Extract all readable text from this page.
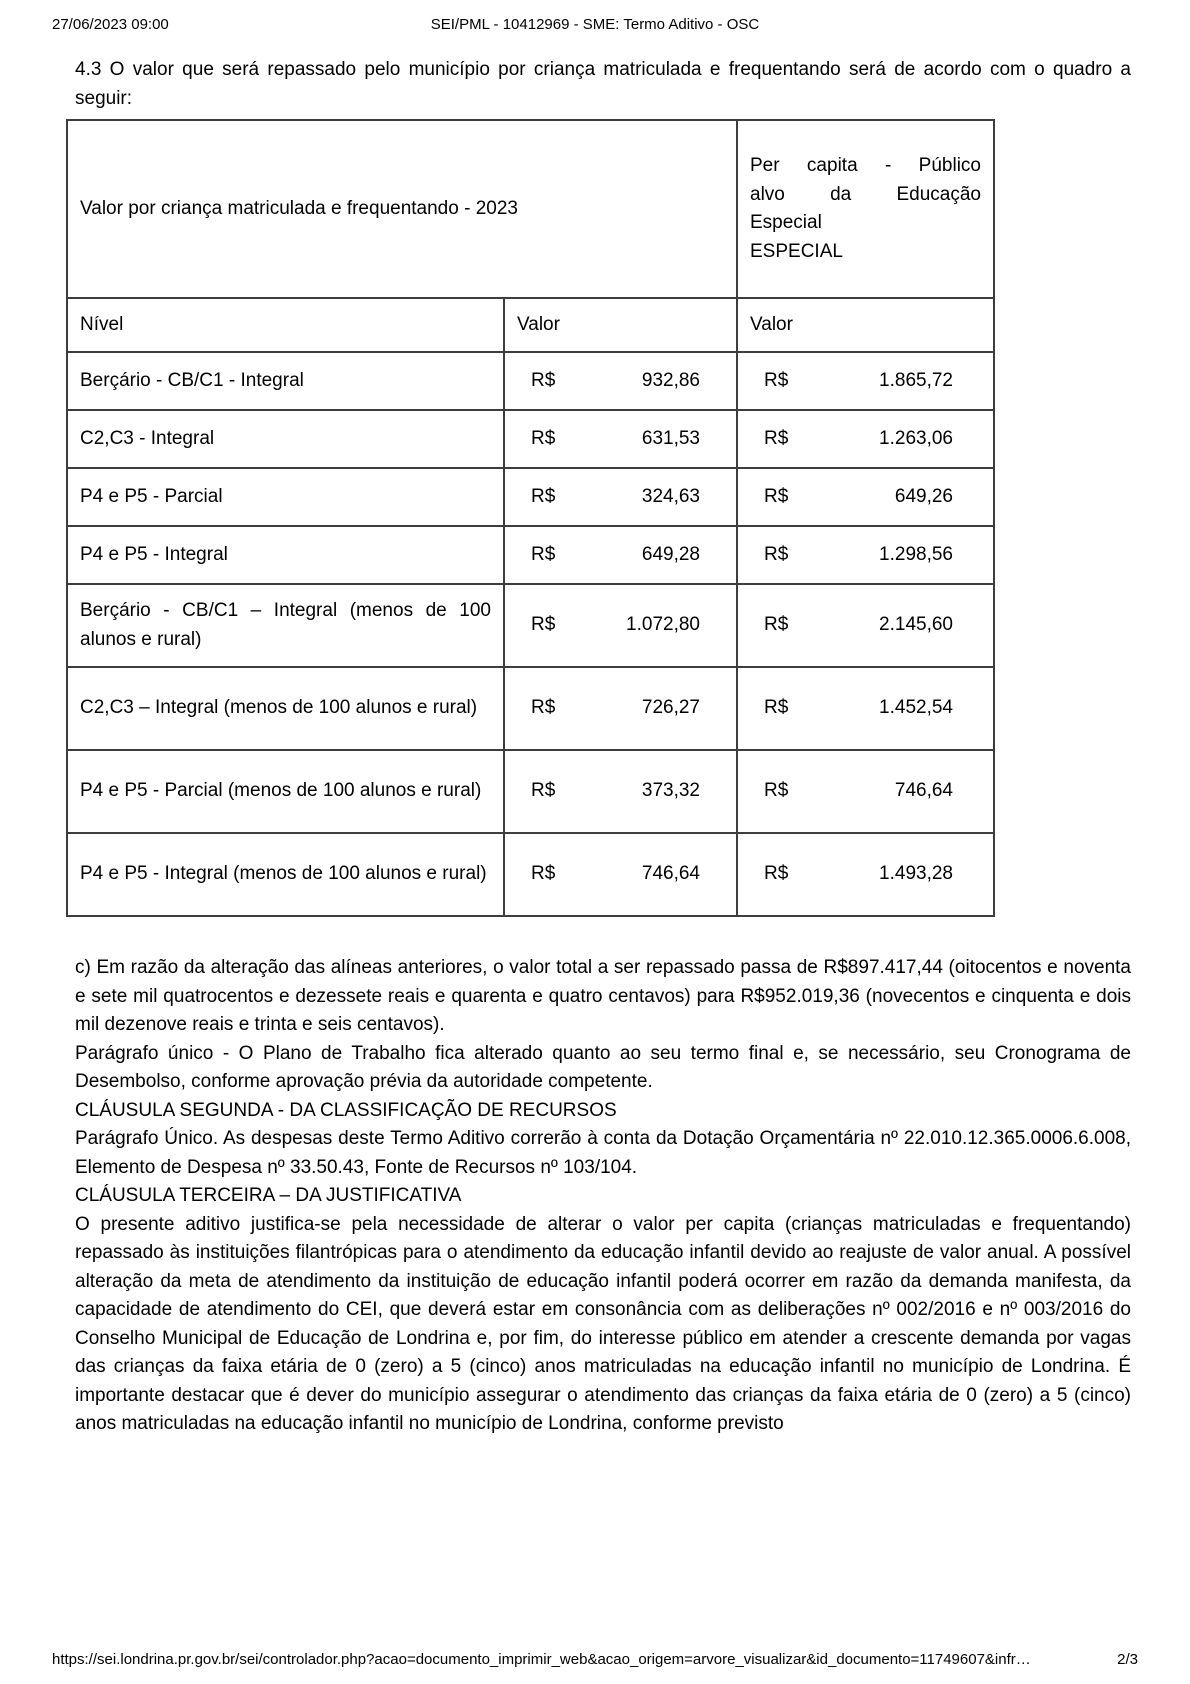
27/06/2023 09:00	SEI/PML - 10412969 - SME: Termo Aditivo - OSC

4.3 O valor que será repassado pelo município por criança matriculada e frequentando será de acordo com o quadro a seguir:

Valor por criança matriculada e frequentando - 2023		Per capita - Público
alvo da Educação
Especial
ESPECIAL

Nível	Valor	Valor
Berçário - CB/C1 - Integral	R$ 932,86	R$ 1.865,72

C2,C3 - Integral	R$ 631,53	R$ 1.263,06

P4 e P5 - Parcial	R$ 324,63	R$ 649,26

P4 e P5 - Integral	R$ 649,28	R$ 1.298,56

Berçário - CB/C1 – Integral (menos de 100 alunos e rural)	R$ 1.072,80	R$ 2.145,60

C2,C3 – Integral (menos de 100 alunos e rural)	R$ 726,27	R$ 1.452,54

P4 e P5 - Parcial (menos de 100 alunos e rural)	R$ 373,32	R$ 746,64

P4 e P5 - Integral (menos de 100 alunos e rural)	R$ 746,64	R$ 1.493,28

c) Em razão da alteração das alíneas anteriores, o valor total a ser repassado passa de R$897.417,44 (oitocentos e noventa e sete mil quatrocentos e dezessete reais e quarenta e quatro centavos) para R$952.019,36 (novecentos e cinquenta e dois mil dezenove reais e trinta e seis centavos).

Parágrafo único - O Plano de Trabalho fica alterado quanto ao seu termo final e, se necessário, seu Cronograma de Desembolso, conforme aprovação prévia da autoridade competente.

CLÁUSULA SEGUNDA - DA CLASSIFICAÇÃO DE RECURSOS

Parágrafo Único. As despesas deste Termo Aditivo correrão à conta da Dotação Orçamentária nº 22.010.12.365.0006.6.008, Elemento de Despesa nº 33.50.43, Fonte de Recursos nº 103/104.

CLÁUSULA TERCEIRA – DA JUSTIFICATIVA

O presente aditivo justifica-se pela necessidade de alterar o valor per capita (crianças matriculadas e frequentando) repassado às instituições filantrópicas para o atendimento da educação infantil devido ao reajuste de valor anual. A possível alteração da meta de atendimento da instituição de educação infantil poderá ocorrer em razão da demanda manifesta, da capacidade de atendimento do CEI, que deverá estar em consonância com as deliberações nº 002/2016 e nº 003/2016 do Conselho Municipal de Educação de Londrina e, por fim, do interesse público em atender a crescente demanda por vagas das crianças da faixa etária de 0 (zero) a 5 (cinco) anos matriculadas na educação infantil no município de Londrina. É importante destacar que é dever do município assegurar o atendimento das crianças da faixa etária de 0 (zero) a 5 (cinco) anos matriculadas na educação infantil no município de Londrina, conforme previsto

https://sei.londrina.pr.gov.br/sei/controlador.php?acao=documento_imprimir_web&acao_origem=arvore_visualizar&id_documento=11749607&infr…	2/3
